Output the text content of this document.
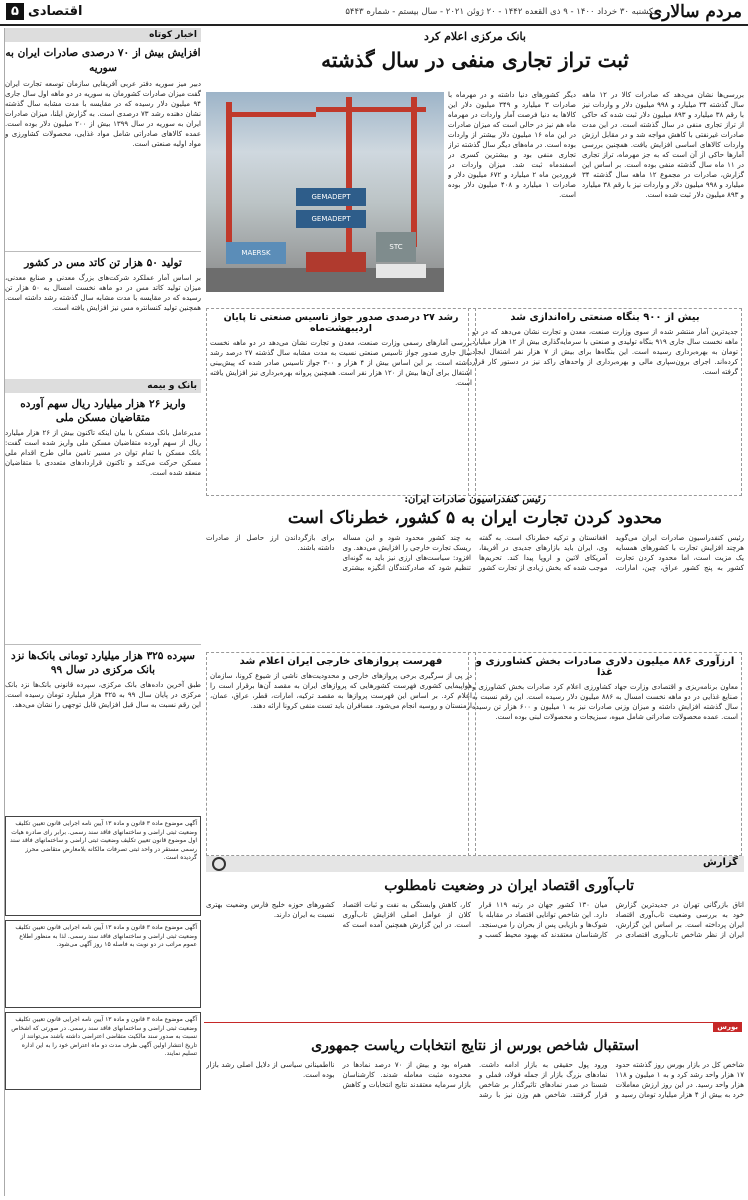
مردم سالاری
یکشنبه ۳۰ خرداد ۱۴۰۰ - ۹ ذی القعده ۱۴۴۲ - ۲۰ ژوئن ۲۰۲۱ - سال بیستم - شماره ۵۴۴۳
اقتصادی
۵
اخبار کوتاه
افزایش بیش از ۷۰ درصدی صادرات ایران به سوریه
دبیر میز سوریه دفتر عربی آفریقایی سازمان توسعه تجارت ایران گفت میزان صادرات کشورمان به سوریه در دو ماهه اول سال جاری ۹۴ میلیون دلار رسیده که در مقایسه با مدت مشابه سال گذشته نشان دهنده رشد ۷۳ درصدی است. به گزارش ایلنا، میزان صادرات ایران به سوریه در سال ۱۳۹۹ بیش از ۲۰۰ میلیون دلار بوده است. عمده کالاهای صادراتی شامل مواد غذایی، محصولات کشاورزی و مواد اولیه صنعتی است.
تولید ۵۰ هزار تن کاتد مس در کشور
بر اساس آمار عملکرد شرکت‌های بزرگ معدنی و صنایع معدنی، میزان تولید کاتد مس در دو ماهه نخست امسال به ۵۰ هزار تن رسیده که در مقایسه با مدت مشابه سال گذشته رشد داشته است. همچنین تولید کنسانتره مس نیز افزایش یافته است.
بانک و بیمه
واریز ۲۶ هزار میلیارد ریال سهم آورده متقاضیان مسکن ملی
مدیرعامل بانک مسکن با بیان اینکه تاکنون بیش از ۲۶ هزار میلیارد ریال از سهم آورده متقاضیان مسکن ملی واریز شده است گفت: بانک مسکن با تمام توان در مسیر تامین مالی طرح اقدام ملی مسکن حرکت می‌کند و تاکنون قراردادهای متعددی با متقاضیان منعقد شده است.
سپرده ۳۲۵ هزار میلیارد تومانی بانک‌ها نزد بانک مرکزی در سال ۹۹
طبق آخرین داده‌های بانک مرکزی، سپرده قانونی بانک‌ها نزد بانک مرکزی در پایان سال ۹۹ به ۳۲۵ هزار میلیارد تومان رسیده است. این رقم نسبت به سال قبل افزایش قابل توجهی را نشان می‌دهد.
آگهی موضوع ماده ۳ قانون و ماده ۱۳ آیین نامه اجرایی قانون تعیین تکلیف وضعیت ثبتی اراضی و ساختمانهای فاقد سند رسمی. برابر رای صادره هیات اول موضوع قانون تعیین تکلیف وضعیت ثبتی اراضی و ساختمانهای فاقد سند رسمی مستقر در واحد ثبتی تصرفات مالکانه بلامعارض متقاضی محرز گردیده است.
آگهی موضوع ماده ۳ قانون و ماده ۱۳ آیین نامه اجرایی قانون تعیین تکلیف وضعیت ثبتی اراضی و ساختمانهای فاقد سند رسمی. لذا به منظور اطلاع عموم مراتب در دو نوبت به فاصله ۱۵ روز آگهی می‌شود.
آگهی موضوع ماده ۳ قانون و ماده ۱۳ آیین نامه اجرایی قانون تعیین تکلیف وضعیت ثبتی اراضی و ساختمانهای فاقد سند رسمی. در صورتی که اشخاص نسبت به صدور سند مالکیت متقاضی اعتراضی داشته باشند می‌توانند از تاریخ انتشار اولین آگهی ظرف مدت دو ماه اعتراض خود را به این اداره تسلیم نمایند.
بانک مرکزی اعلام کرد
ثبت تراز تجاری منفی در سال گذشته
بررسی‌ها نشان می‌دهد که صادرات کالا در ۱۲ ماهه سال گذشته ۳۴ میلیارد و ۹۹۸ میلیون دلار و واردات نیز با رقم ۳۸ میلیارد و ۸۹۳ میلیون دلار ثبت شده که حاکی از تراز تجاری منفی در سال گذشته است. در این مدت صادرات غیرنفتی با کاهش مواجه شد و در مقابل ارزش واردات کالاهای اساسی افزایش یافت. همچنین بررسی آمارها حاکی از آن است که به جز مهرماه، تراز تجاری در ۱۱ ماه سال گذشته منفی بوده است. بر اساس این گزارش، صادرات در مجموع ۱۲ ماهه سال گذشته ۳۴ میلیارد و ۹۹۸ میلیون دلار و واردات نیز با رقم ۳۸ میلیارد و ۸۹۳ میلیون دلار ثبت شده است.
دیگر کشورهای دنیا داشته و در مهرماه با صادرات ۳ میلیارد و ۳۴۹ میلیون دلار این کالاها به دنیا فرصت آمار واردات در مهرماه ماه هم نیز در حالی است که میزان صادرات در این ماه ۱۶ میلیون دلار بیشتر از واردات بوده است. در ماه‌های دیگر سال گذشته تراز تجاری منفی بود و بیشترین کسری در اسفندماه ثبت شد. میزان واردات در فروردین ماه ۲ میلیارد و ۶۷۲ میلیون دلار و صادرات ۱ میلیارد و ۴۰۸ میلیون دلار بوده است.
GEMADEPT
GEMADEPT
MAERSK
STC
بیش از ۹۰۰ بنگاه صنعتی راه‌اندازی شد
جدیدترین آمار منتشر شده از سوی وزارت صنعت، معدن و تجارت نشان می‌دهد که در دو ماهه نخست سال جاری ۹۱۹ بنگاه تولیدی و صنعتی با سرمایه‌گذاری بیش از ۱۲ هزار میلیارد تومان به بهره‌برداری رسیده است. این بنگاه‌ها برای بیش از ۷ هزار نفر اشتغال ایجاد کرده‌اند. اجرای برون‌سپاری مالی و بهره‌برداری از واحدهای راکد نیز در دستور کار قرار گرفته است.
رشد ۲۷ درصدی صدور جواز تاسیس صنعتی تا پایان اردیبهشت‌ماه
بررسی آمارهای رسمی وزارت صنعت، معدن و تجارت نشان می‌دهد در دو ماهه نخست سال جاری صدور جواز تاسیس صنعتی نسبت به مدت مشابه سال گذشته ۲۷ درصد رشد داشته است. بر این اساس بیش از ۴ هزار و ۳۰۰ جواز تاسیس صادر شده که پیش‌بینی اشتغال برای آن‌ها بیش از ۱۲۰ هزار نفر است. همچنین پروانه بهره‌برداری نیز افزایش یافته است.
رئیس کنفدراسیون صادرات ایران:
محدود کردن تجارت ایران به ۵ کشور، خطرناک است
رئیس کنفدراسیون صادرات ایران می‌گوید هرچند افزایش تجارت با کشورهای همسایه یک مزیت است، اما محدود کردن تجارت کشور به پنج کشور عراق، چین، امارات، افغانستان و ترکیه خطرناک است. به گفته وی، ایران باید بازارهای جدیدی در آفریقا، آمریکای لاتین و اروپا پیدا کند. تحریم‌ها موجب شده که بخش زیادی از تجارت کشور به چند کشور محدود شود و این مساله ریسک تجارت خارجی را افزایش می‌دهد. وی افزود: سیاست‌های ارزی نیز باید به گونه‌ای تنظیم شود که صادرکنندگان انگیزه بیشتری برای بازگرداندن ارز حاصل از صادرات داشته باشند.
ارزآوری ۸۸۶ میلیون دلاری صادرات بخش کشاورزی و غذا
معاون برنامه‌ریزی و اقتصادی وزارت جهاد کشاورزی اعلام کرد صادرات بخش کشاورزی و صنایع غذایی در دو ماهه نخست امسال به ۸۸۶ میلیون دلار رسیده است. این رقم نسبت به سال گذشته افزایش داشته و میزان وزنی صادرات نیز به ۱ میلیون و ۶۰۰ هزار تن رسیده است. عمده محصولات صادراتی شامل میوه، سبزیجات و محصولات لبنی بوده است.
فهرست پروازهای خارجی ایران اعلام شد
در پی از سرگیری برخی پروازهای خارجی و محدودیت‌های ناشی از شیوع کرونا، سازمان هواپیمایی کشوری فهرست کشورهایی که پروازهای ایران به مقصد آن‌ها برقرار است را اعلام کرد. بر اساس این فهرست پروازها به مقصد ترکیه، امارات، قطر، عراق، عمان، ارمنستان و روسیه انجام می‌شود. مسافران باید تست منفی کرونا ارائه دهند.
گزارش
تاب‌آوری اقتصاد ایران در وضعیت نامطلوب
اتاق بازرگانی تهران در جدیدترین گزارش خود به بررسی وضعیت تاب‌آوری اقتصاد ایران پرداخته است. بر اساس این گزارش، ایران از نظر شاخص تاب‌آوری اقتصادی در میان ۱۳۰ کشور جهان در رتبه ۱۱۹ قرار دارد. این شاخص توانایی اقتصاد در مقابله با شوک‌ها و بازیابی پس از بحران را می‌سنجد. کارشناسان معتقدند که بهبود محیط کسب و کار، کاهش وابستگی به نفت و ثبات اقتصاد کلان از عوامل اصلی افزایش تاب‌آوری است. در این گزارش همچنین آمده است که کشورهای حوزه خلیج فارس وضعیت بهتری نسبت به ایران دارند.
بورس
استقبال شاخص بورس از نتایج انتخابات ریاست جمهوری
شاخص کل در بازار بورس روز گذشته حدود ۱۷ هزار واحد رشد کرد و به ۱ میلیون و ۱۱۸ هزار واحد رسید. در این روز ارزش معاملات خرد به بیش از ۴ هزار میلیارد تومان رسید و ورود پول حقیقی به بازار ادامه داشت. نمادهای بزرگ بازار از جمله فولاد، فملی و شستا در صدر نمادهای تاثیرگذار بر شاخص قرار گرفتند. شاخص هم وزن نیز با رشد همراه بود و بیش از ۷۰ درصد نمادها در محدوده مثبت معامله شدند. کارشناسان بازار سرمایه معتقدند نتایج انتخابات و کاهش نااطمینانی سیاسی از دلایل اصلی رشد بازار بوده است.
